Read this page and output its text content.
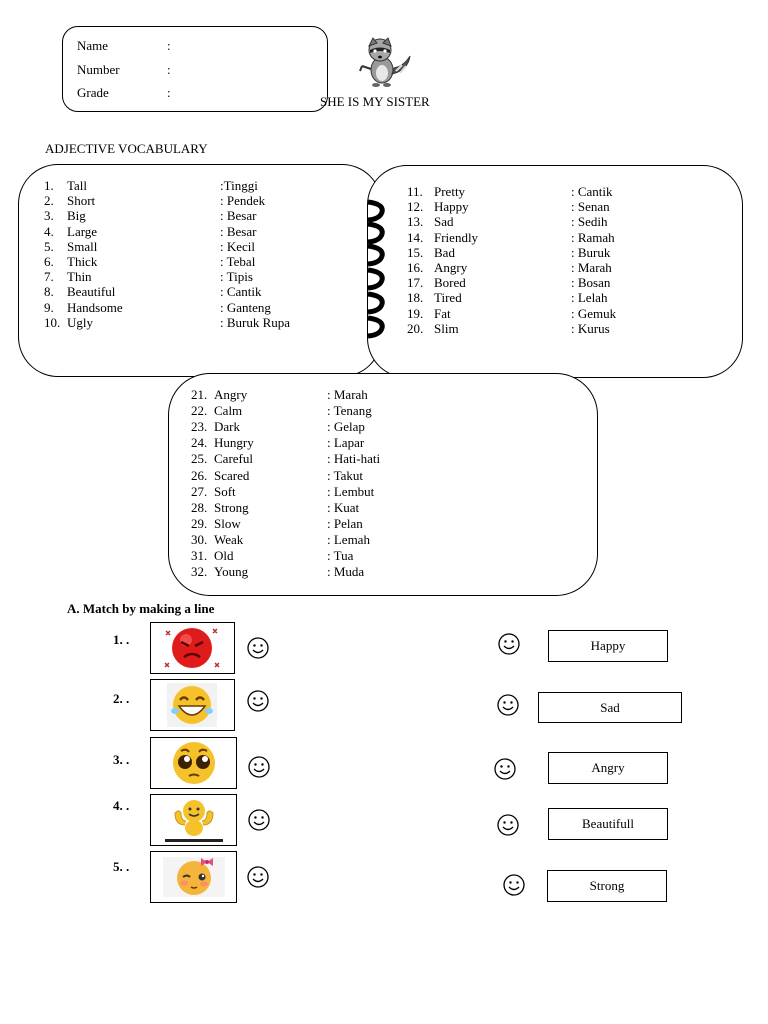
Name	:
Number	:
Grade	:
SHE IS MY SISTER
ADJECTIVE VOCABULARY
1. Tall	:Tinggi
2. Short	: Pendek
3. Big	: Besar
4. Large	: Besar
5. Small	: Kecil
6. Thick	: Tebal
7. Thin	: Tipis
8. Beautiful	: Cantik
9. Handsome	: Ganteng
10. Ugly	: Buruk Rupa
11. Pretty	: Cantik
12. Happy	: Senan
13. Sad	: Sedih
14. Friendly	: Ramah
15. Bad	: Buruk
16. Angry	: Marah
17. Bored	: Bosan
18. Tired	: Lelah
19. Fat	: Gemuk
20. Slim	: Kurus
21. Angry	: Marah
22. Calm	: Tenang
23. Dark	: Gelap
24. Hungry	: Lapar
25. Careful	: Hati-hati
26. Scared	: Takut
27. Soft	: Lembut
28. Strong	: Kuat
29. Slow	: Pelan
30. Weak	: Lemah
31. Old	: Tua
32. Young	: Muda
A. Match by making a line
1. .
2. .
3. .
4. .
5. .
Happy
Sad
Angry
Beautifull
Strong
